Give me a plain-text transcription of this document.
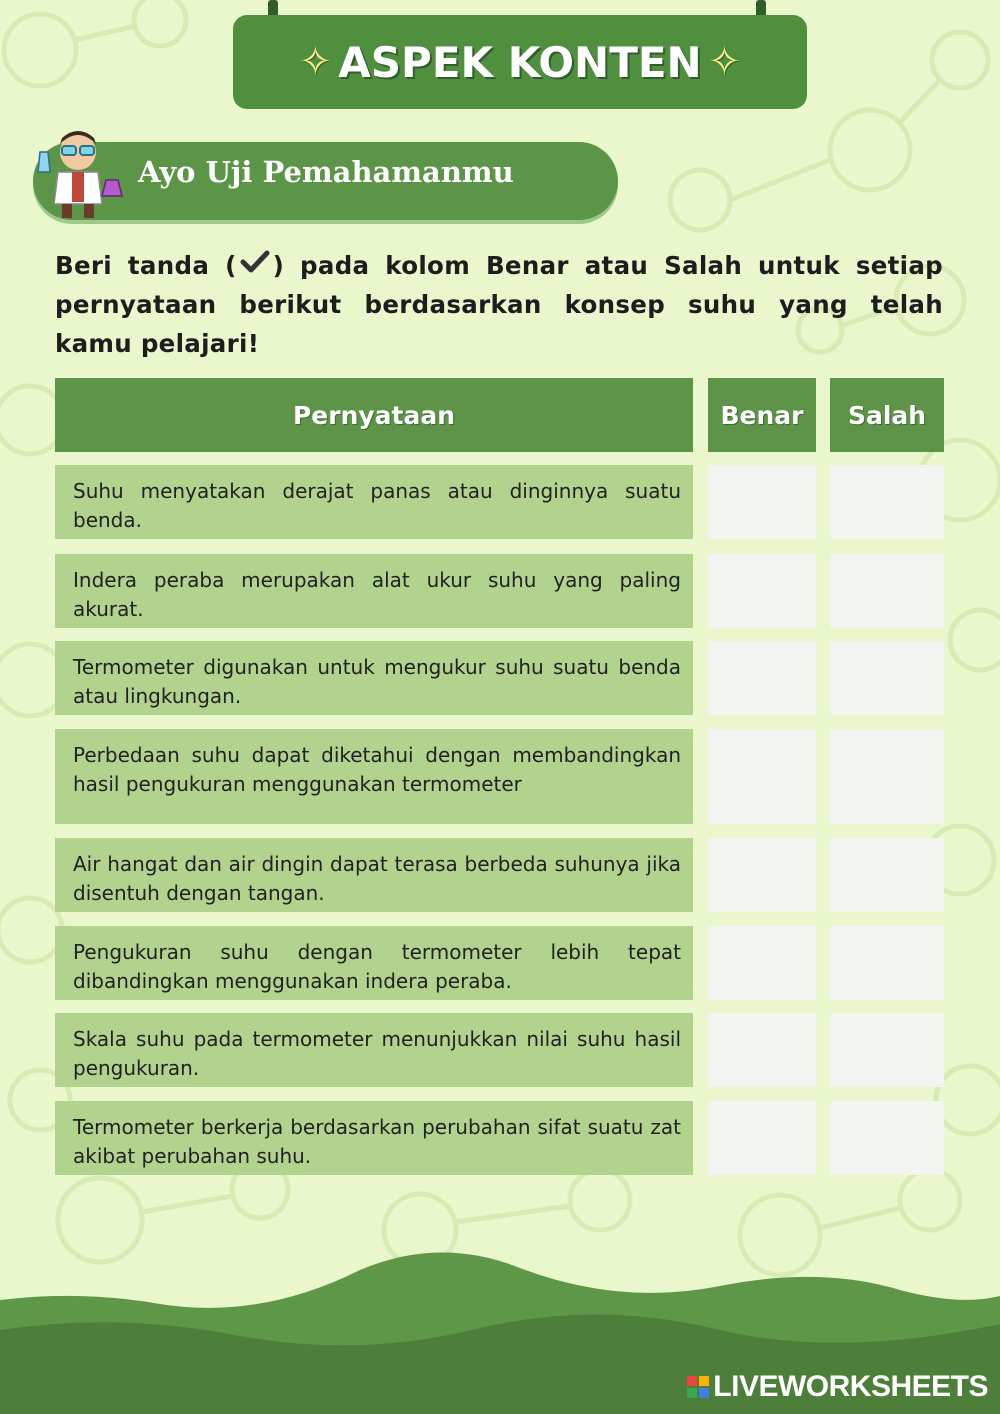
✧ ASPEK KONTEN ✧
Ayo Uji Pemahamanmu
Beri tanda ( ) pada kolom Benar atau Salah untuk setiap pernyataan berikut berdasarkan konsep suhu yang telah kamu pelajari!
Pernyataan	Benar	Salah
Suhu menyatakan derajat panas atau dinginnya suatu benda.
Indera peraba merupakan alat ukur suhu yang paling akurat.
Termometer digunakan untuk mengukur suhu suatu benda atau lingkungan.
Perbedaan suhu dapat diketahui dengan membandingkan hasil pengukuran menggunakan termometer
Air hangat dan air dingin dapat terasa berbeda suhunya jika disentuh dengan tangan.
Pengukuran suhu dengan termometer lebih tepat dibandingkan menggunakan indera peraba.
Skala suhu pada termometer menunjukkan nilai suhu hasil pengukuran.
Termometer berkerja berdasarkan perubahan sifat suatu zat akibat perubahan suhu.
LIVEWORKSHEETS
